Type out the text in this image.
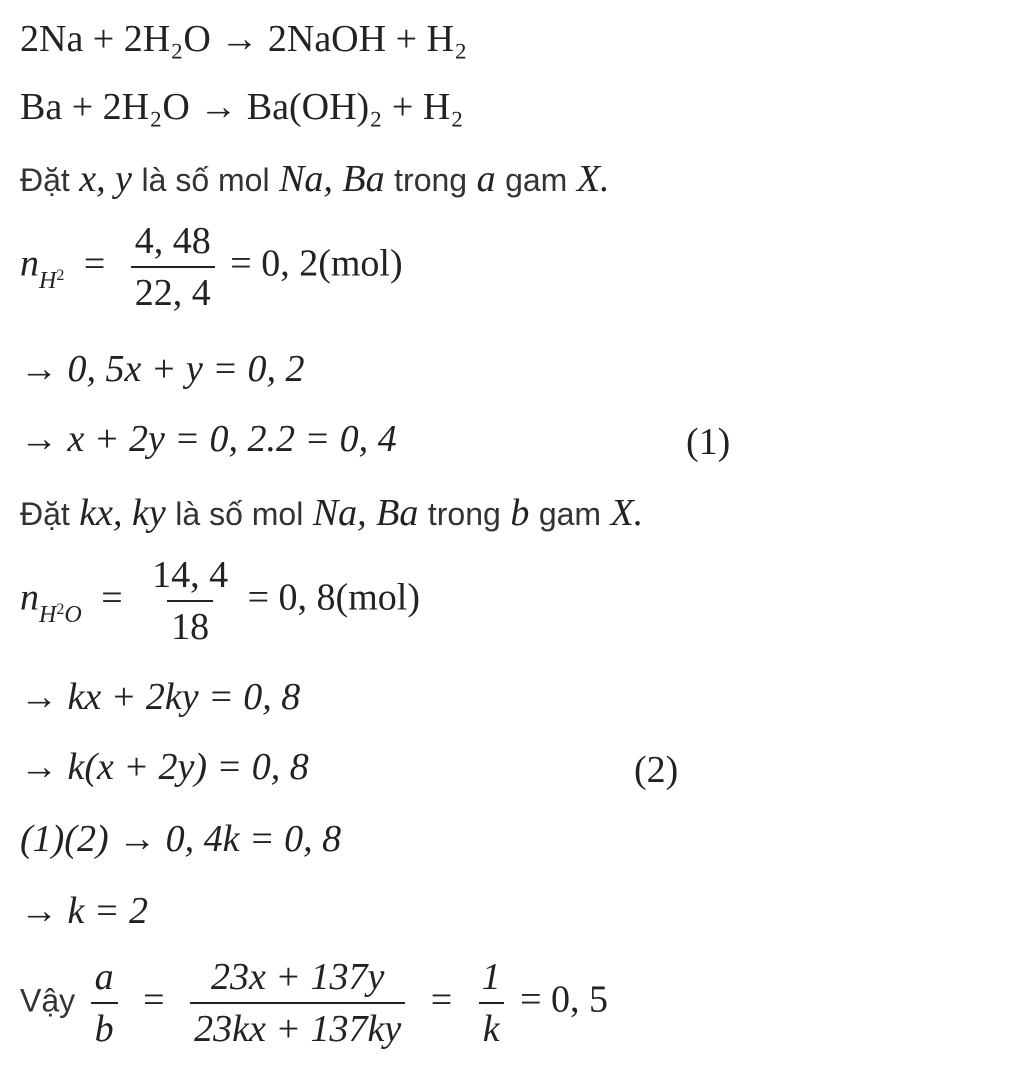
2Na + 2H₂O → 2NaOH + H₂
Ba + 2H₂O → Ba(OH)₂ + H₂
Đặt x, y là số mol Na, Ba trong a gam X.
$n_H2 = \frac{4, 48}{22, 4} = 0$, 2(mol)
→ 0, 5x + y = 0, 2
→ x + 2y = 0, 2.2 = 0, 4	(1)
Đặt kx, ky là số mol Na, Ba trong b gam X.
$n_H2_O = \frac{14, 4}{18} = 0$, 8(mol)
→ kx + 2ky = 0, 8
→ k(x + 2y) = 0, 8	(2)
(1)(2) → 0, 4k = 0, 8
→ k = 2
Vậy $\frac{a}{b} = \frac{23x + 137y}{23kx + 137ky} = \frac{1}{k} = 0$, 5
